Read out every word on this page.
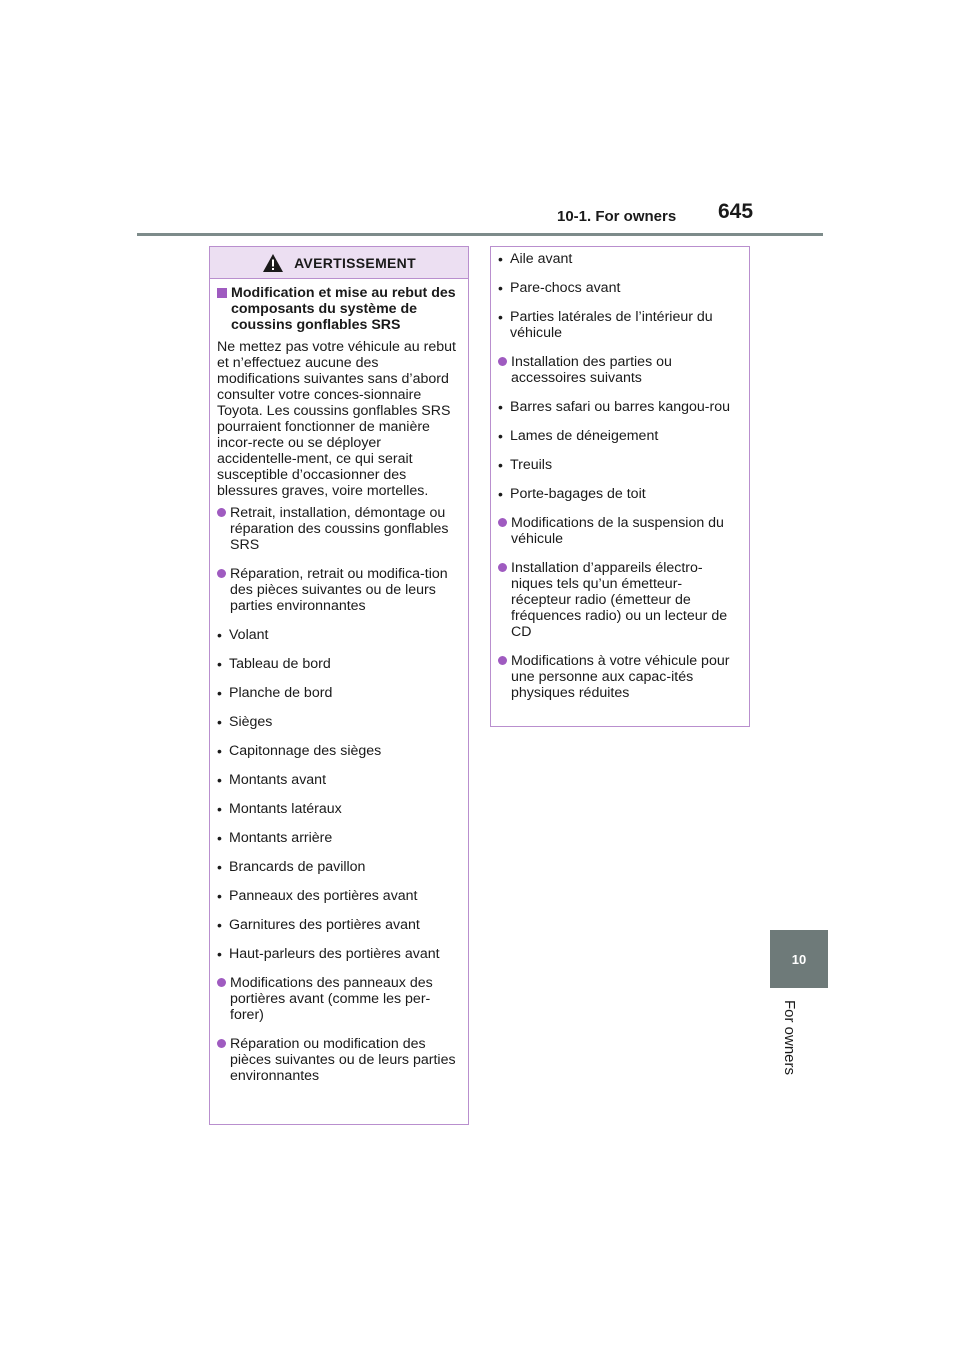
10-1. For owners 645
10
For owners
AVERTISSEMENT
Modification et mise au rebut des composants du système de coussins gonflables SRS

Ne mettez pas votre véhicule au rebut et n’effectuez aucune des modifications suivantes sans d’abord consulter votre conces-sionnaire Toyota. Les coussins gonflables SRS pourraient fonctionner de manière incor-recte ou se déployer accidentelle-ment, ce qui serait susceptible d’occasionner des blessures graves, voire mortelles.

Retrait, installation, démontage ou réparation des coussins gonflables SRS
Réparation, retrait ou modifica-tion des pièces suivantes ou de leurs parties environnantes
• Volant
• Tableau de bord
• Planche de bord
• Sièges
• Capitonnage des sièges
• Montants avant
• Montants latéraux
• Montants arrière
• Brancards de pavillon
• Panneaux des portières avant
• Garnitures des portières avant
• Haut-parleurs des portières avant
Modifications des panneaux des portières avant (comme les per-forer)
Réparation ou modification des pièces suivantes ou de leurs parties environnantes
• Aile avant
• Pare-chocs avant
• Parties latérales de l’intérieur du véhicule
Installation des parties ou accessoires suivants
• Barres safari ou barres kangou-rou
• Lames de déneigement
• Treuils
• Porte-bagages de toit
Modifications de la suspension du véhicule
Installation d’appareils électro-niques tels qu’un émetteur-récepteur radio (émetteur de fréquences radio) ou un lecteur de CD
Modifications à votre véhicule pour une personne aux capac-ités physiques réduites
